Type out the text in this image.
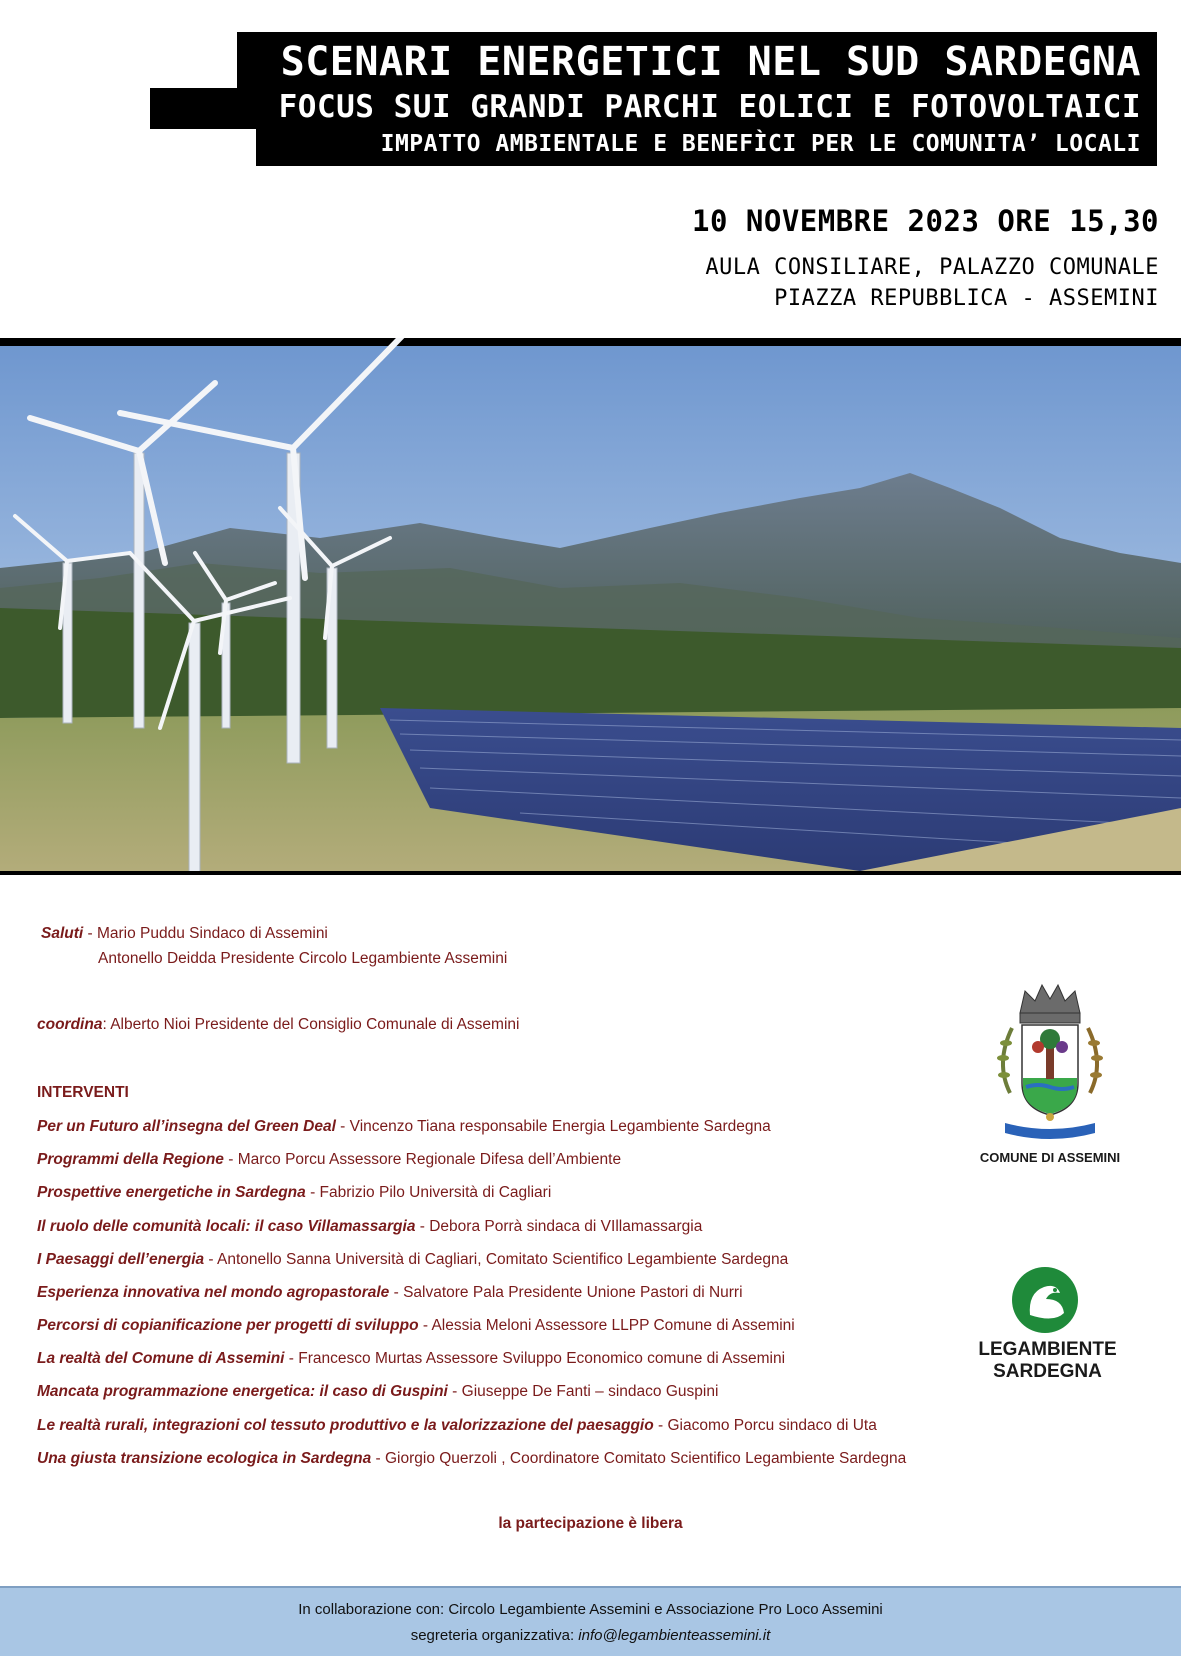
SCENARI ENERGETICI NEL SUD SARDEGNA
FOCUS SUI GRANDI PARCHI EOLICI E FOTOVOLTAICI
IMPATTO AMBIENTALE E BENEFÌCI PER LE COMUNITA’ LOCALI
10 NOVEMBRE 2023 ORE 15,30
AULA CONSILIARE, PALAZZO COMUNALE
PIAZZA REPUBBLICA - ASSEMINI
Saluti - Mario Puddu Sindaco di Assemini
Antonello Deidda Presidente Circolo Legambiente Assemini
coordina: Alberto Nioi Presidente del Consiglio Comunale di Assemini
INTERVENTI
Per un Futuro all’insegna del Green Deal - Vincenzo Tiana responsabile Energia Legambiente Sardegna
Programmi della Regione - Marco Porcu Assessore Regionale Difesa dell’Ambiente
Prospettive energetiche in Sardegna - Fabrizio Pilo Università di Cagliari
Il ruolo delle comunità locali: il caso Villamassargia - Debora Porrà sindaca di VIllamassargia
I Paesaggi dell’energia - Antonello Sanna Università di Cagliari, Comitato Scientifico Legambiente Sardegna
Esperienza innovativa nel mondo agropastorale - Salvatore Pala Presidente Unione Pastori di Nurri
Percorsi di copianificazione per progetti di sviluppo - Alessia Meloni Assessore LLPP Comune di Assemini
La realtà del Comune di Assemini - Francesco Murtas Assessore Sviluppo Economico comune di Assemini
Mancata programmazione energetica: il caso di Guspini - Giuseppe De Fanti – sindaco Guspini
Le realtà rurali, integrazioni col tessuto produttivo e la valorizzazione del paesaggio - Giacomo Porcu sindaco di Uta
Una giusta transizione ecologica in Sardegna - Giorgio Querzoli , Coordinatore Comitato Scientifico Legambiente Sardegna
COMUNE DI ASSEMINI
LEGAMBIENTE
SARDEGNA
la partecipazione è libera
In collaborazione con: Circolo Legambiente Assemini e Associazione Pro Loco Assemini
segreteria organizzativa: info@legambienteassemini.it
